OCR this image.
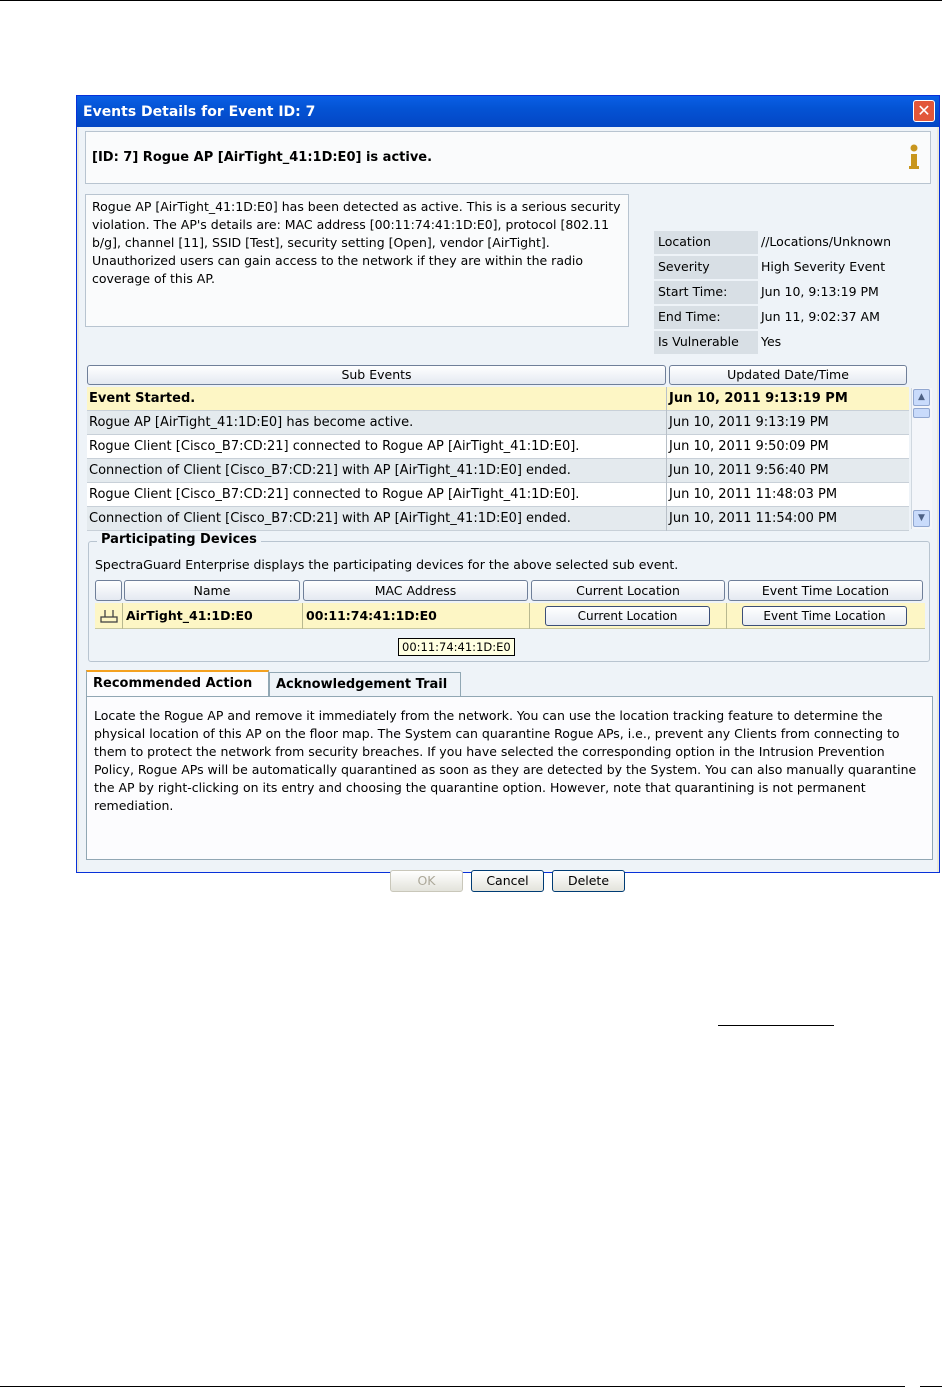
Events Details for Event ID: 7	✕
[ID: 7] Rogue AP [AirTight_41:1D:E0] is active.
Rogue AP [AirTight_41:1D:E0] has been detected as active. This is a serious security violation. The AP's details are: MAC address [00:11:74:41:1D:E0], protocol [802.11 b/g], channel [11], SSID [Test], security setting [Open], vendor [AirTight]. Unauthorized users can gain access to the network if they are within the radio coverage of this AP.
Location	//Locations/Unknown
Severity	High Severity Event
Start Time:	Jun 10, 9:13:19 PM
End Time:	Jun 11, 9:02:37 AM
Is Vulnerable	Yes
Sub Events	Updated Date/Time
Event Started.	Jun 10, 2011 9:13:19 PM
Rogue AP [AirTight_41:1D:E0] has become active.	Jun 10, 2011 9:13:19 PM
Rogue Client [Cisco_B7:CD:21] connected to Rogue AP [AirTight_41:1D:E0].	Jun 10, 2011 9:50:09 PM
Connection of Client [Cisco_B7:CD:21] with AP [AirTight_41:1D:E0] ended.	Jun 10, 2011 9:56:40 PM
Rogue Client [Cisco_B7:CD:21] connected to Rogue AP [AirTight_41:1D:E0].	Jun 10, 2011 11:48:03 PM
Connection of Client [Cisco_B7:CD:21] with AP [AirTight_41:1D:E0] ended.	Jun 10, 2011 11:54:00 PM
▲
▼
Participating Devices
SpectraGuard Enterprise displays the participating devices for the above selected sub event.
Name	MAC Address	Current Location	Event Time Location
AirTight_41:1D:E0	00:11:74:41:1D:E0	Current Location	Event Time Location
00:11:74:41:1D:E0
Recommended Action	Acknowledgement Trail
Locate the Rogue AP and remove it immediately from the network. You can use the location tracking feature to determine the physical location of this AP on the floor map. The System can quarantine Rogue APs, i.e., prevent any Clients from connecting to them to protect the network from security breaches. If you have selected the corresponding option in the Intrusion Prevention Policy, Rogue APs will be automatically quarantined as soon as they are detected by the System. You can also manually quarantine the AP by right-clicking on its entry and choosing the quarantine option. However, note that quarantining is not permanent remediation.
OK	Cancel	Delete
